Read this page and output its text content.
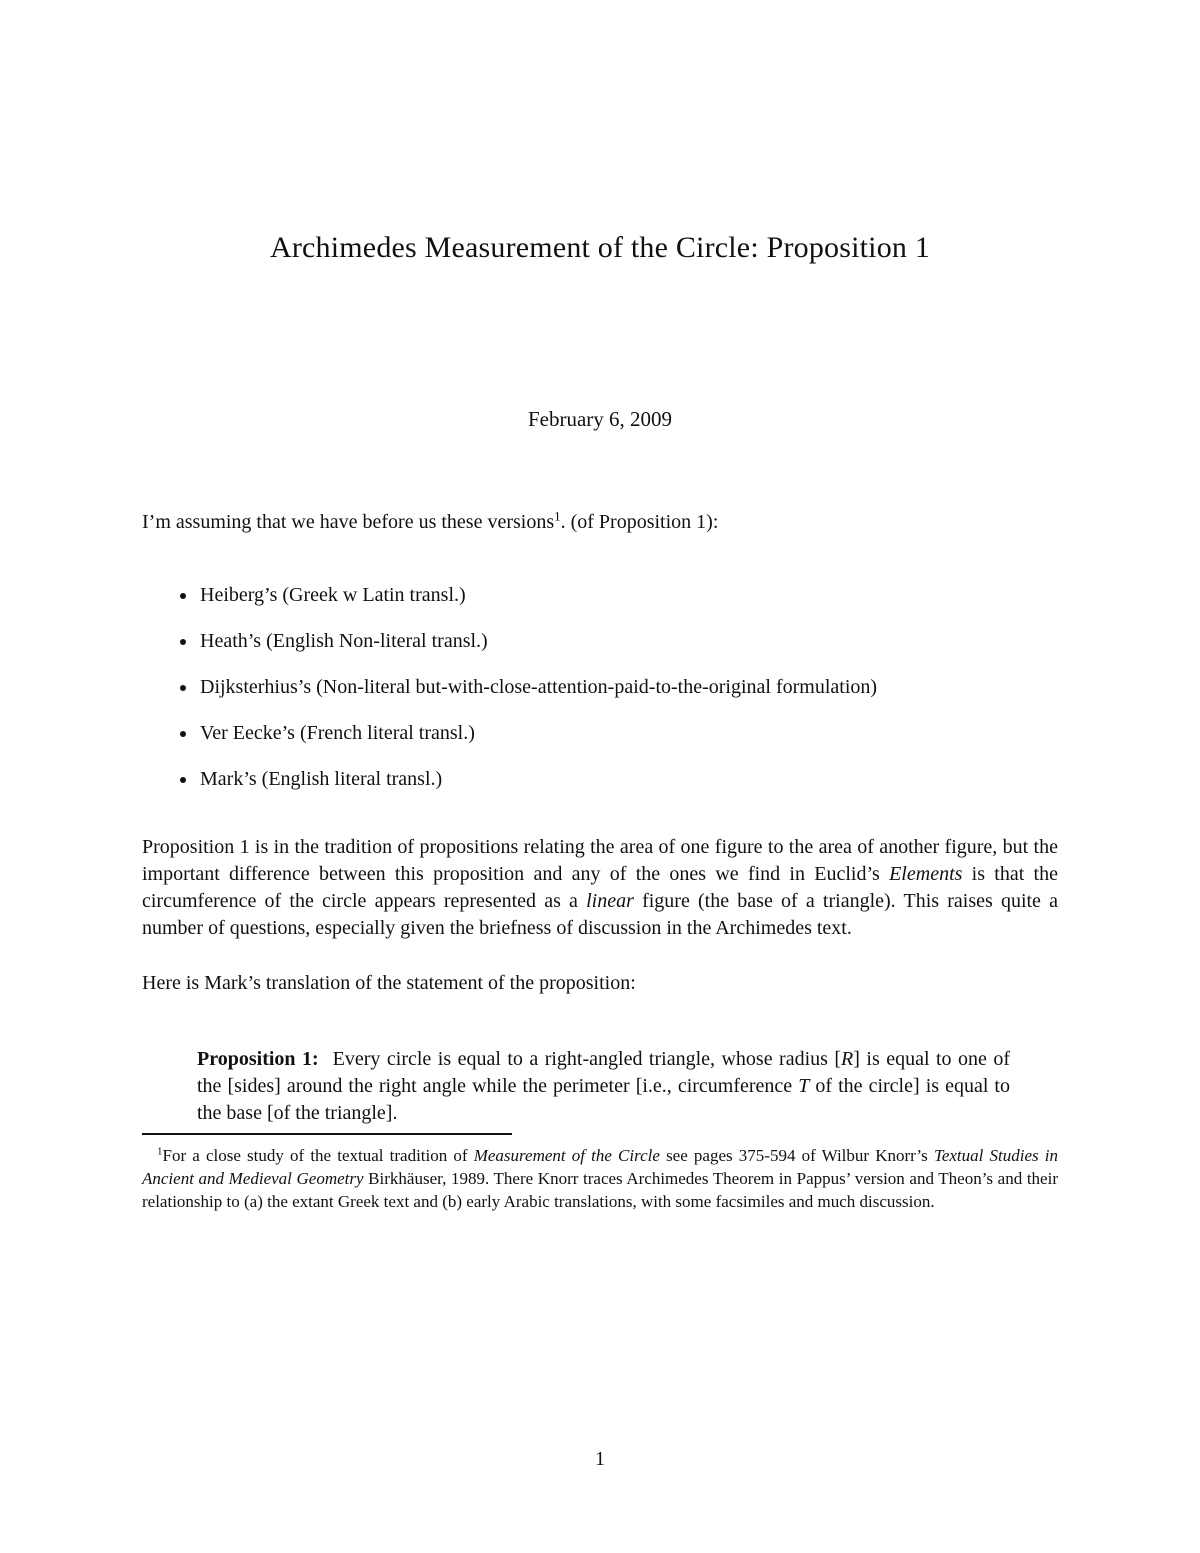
Archimedes Measurement of the Circle: Proposition 1
February 6, 2009

I’m assuming that we have before us these versions$^1$. (of Proposition 1):

• Heiberg’s (Greek w Latin transl.)
• Heath’s (English Non-literal transl.)
• Dijksterhius’s (Non-literal but-with-close-attention-paid-to-the-original formulation)
• Ver Eecke’s (French literal transl.)
• Mark’s (English literal transl.)

Proposition 1 is in the tradition of propositions relating the area of one figure to the area of another figure, but the important difference between this proposition and any of the ones we find in Euclid’s Elements is that the circumference of the circle appears represented as a linear figure (the base of a triangle). This raises quite a number of questions, especially given the briefness of discussion in the Archimedes text.

Here is Mark’s translation of the statement of the proposition:

Proposition 1: Every circle is equal to a right-angled triangle, whose radius [R] is equal to one of the [sides] around the right angle while the perimeter [i.e., circumference T of the circle] is equal to the base [of the triangle].

$^1$For a close study of the textual tradition of Measurement of the Circle see pages 375-594 of Wilbur Knorr’s Textual Studies in Ancient and Medieval Geometry Birkhäuser, 1989. There Knorr traces Archimedes Theorem in Pappus’ version and Theon’s and their relationship to (a) the extant Greek text and (b) early Arabic translations, with some facsimiles and much discussion.

1
